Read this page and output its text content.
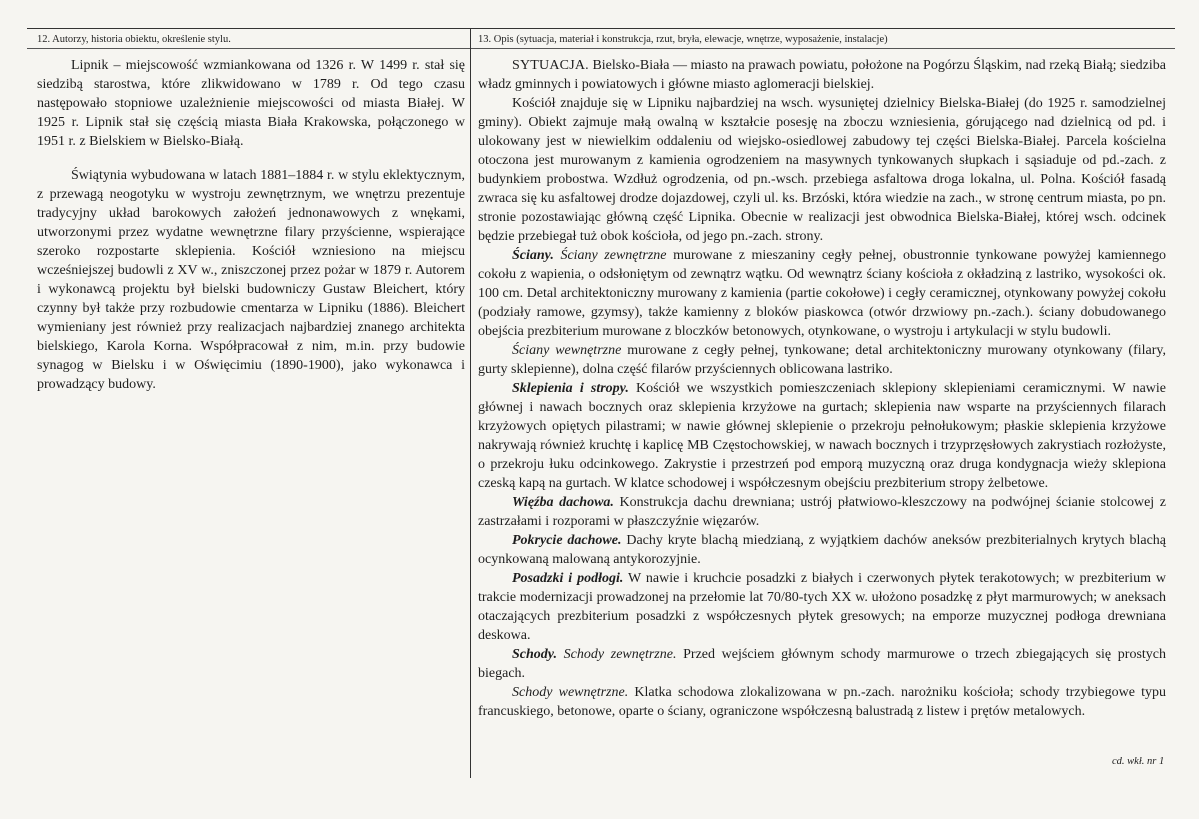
12. Autorzy, historia obiektu, określenie stylu.	13. Opis (sytuacja, materiał i konstrukcja, rzut, bryła, elewacje, wnętrze, wyposażenie, instalacje)

Lipnik – miejscowość wzmiankowana od 1326 r. W 1499 r. stał się siedzibą starostwa, które zlikwidowano w 1789 r. Od tego czasu następowało stopniowe uzależnienie miejscowości od miasta Białej. W 1925 r. Lipnik stał się częścią miasta Biała Krakowska, połączonego w 1951 r. z Bielskiem w Bielsko-Białą.

Świątynia wybudowana w latach 1881–1884 r. w stylu eklektycznym, z przewagą neogotyku w wystroju zewnętrznym, we wnętrzu prezentuje tradycyjny układ barokowych założeń jednonawowych z wnękami, utworzonymi przez wydatne wewnętrzne filary przyścienne, wspierające szeroko rozpostarte sklepienia. Kościół wzniesiono na miejscu wcześniejszej budowli z XV w., zniszczonej przez pożar w 1879 r. Autorem i wykonawcą projektu był bielski budowniczy Gustaw Bleichert, który czynny był także przy rozbudowie cmentarza w Lipniku (1886). Bleichert wymieniany jest również przy realizacjach najbardziej znanego architekta bielskiego, Karola Korna. Współpracował z nim, m.in. przy budowie synagog w Bielsku i w Oświęcimiu (1890-1900), jako wykonawca i prowadzący budowy.

SYTUACJA. Bielsko-Biała — miasto na prawach powiatu, położone na Pogórzu Śląskim, nad rzeką Białą; siedziba władz gminnych i powiatowych i główne miasto aglomeracji bielskiej.

Kościół znajduje się w Lipniku najbardziej na wsch. wysuniętej dzielnicy Bielska-Białej (do 1925 r. samodzielnej gminy). Obiekt zajmuje małą owalną w kształcie posesję na zboczu wzniesienia, górującego nad dzielnicą od pd. i ulokowany jest w niewielkim oddaleniu od wiejsko-osiedlowej zabudowy tej części Bielska-Białej. Parcela kościelna otoczona jest murowanym z kamienia ogrodzeniem na masywnych tynkowanych słupkach i sąsiaduje od pd.-zach. z budynkiem probostwa. Wzdłuż ogrodzenia, od pn.-wsch. przebiega asfaltowa droga lokalna, ul. Polna. Kościół fasadą zwraca się ku asfaltowej drodze dojazdowej, czyli ul. ks. Brzóski, która wiedzie na zach., w stronę centrum miasta, po pn. stronie pozostawiając główną część Lipnika. Obecnie w realizacji jest obwodnica Bielska-Białej, której wsch. odcinek będzie przebiegał tuż obok kościoła, od jego pn.-zach. strony.

Ściany. Ściany zewnętrzne murowane z mieszaniny cegły pełnej, obustronnie tynkowane powyżej kamiennego cokołu z wapienia, o odsłoniętym od zewnątrz wątku. Od wewnątrz ściany kościoła z okładziną z lastriko, wysokości ok. 100 cm. Detal architektoniczny murowany z kamienia (partie cokołowe) i cegły ceramicznej, otynkowany powyżej cokołu (podziały ramowe, gzymsy), także kamienny z bloków piaskowca (otwór drzwiowy pn.-zach.). ściany dobudowanego obejścia prezbiterium murowane z bloczków betonowych, otynkowane, o wystroju i artykulacji w stylu budowli.

Ściany wewnętrzne murowane z cegły pełnej, tynkowane; detal architektoniczny murowany otynkowany (filary, gurty sklepienne), dolna część filarów przyściennych oblicowana lastriko.

Sklepienia i stropy. Kościół we wszystkich pomieszczeniach sklepiony sklepieniami ceramicznymi. W nawie głównej i nawach bocznych oraz sklepienia krzyżowe na gurtach; sklepienia naw wsparte na przyściennych filarach krzyżowych opiętych pilastrami; w nawie głównej sklepienie o przekroju pełnołukowym; płaskie sklepienia krzyżowe nakrywają również kruchtę i kaplicę MB Częstochowskiej, w nawach bocznych i trzyprzęsłowych zakrystiach rozłożyste, o przekroju łuku odcinkowego. Zakrystie i przestrzeń pod emporą muzyczną oraz druga kondygnacja wieży sklepiona czeską kapą na gurtach. W klatce schodowej i współczesnym obejściu prezbiterium stropy żelbetowe.

Więźba dachowa. Konstrukcja dachu drewniana; ustrój płatwiowo-kleszczowy na podwójnej ścianie stolcowej z zastrzałami i rozporami w płaszczyźnie więzarów.

Pokrycie dachowe. Dachy kryte blachą miedzianą, z wyjątkiem dachów aneksów prezbiterialnych krytych blachą ocynkowaną malowaną antykorozyjnie.

Posadzki i podłogi. W nawie i kruchcie posadzki z białych i czerwonych płytek terakotowych; w prezbiterium w trakcie modernizacji prowadzonej na przełomie lat 70/80-tych XX w. ułożono posadzkę z płyt marmurowych; w aneksach otaczających prezbiterium posadzki z współczesnych płytek gresowych; na emporze muzycznej podłoga drewniana deskowa.

Schody. Schody zewnętrzne. Przed wejściem głównym schody marmurowe o trzech zbiegających się prostych biegach.

Schody wewnętrzne. Klatka schodowa zlokalizowana w pn.-zach. narożniku kościoła; schody trzybiegowe typu francuskiego, betonowe, oparte o ściany, ograniczone współczesną balustradą z listew i prętów metalowych.

cd. wkł. nr 1
